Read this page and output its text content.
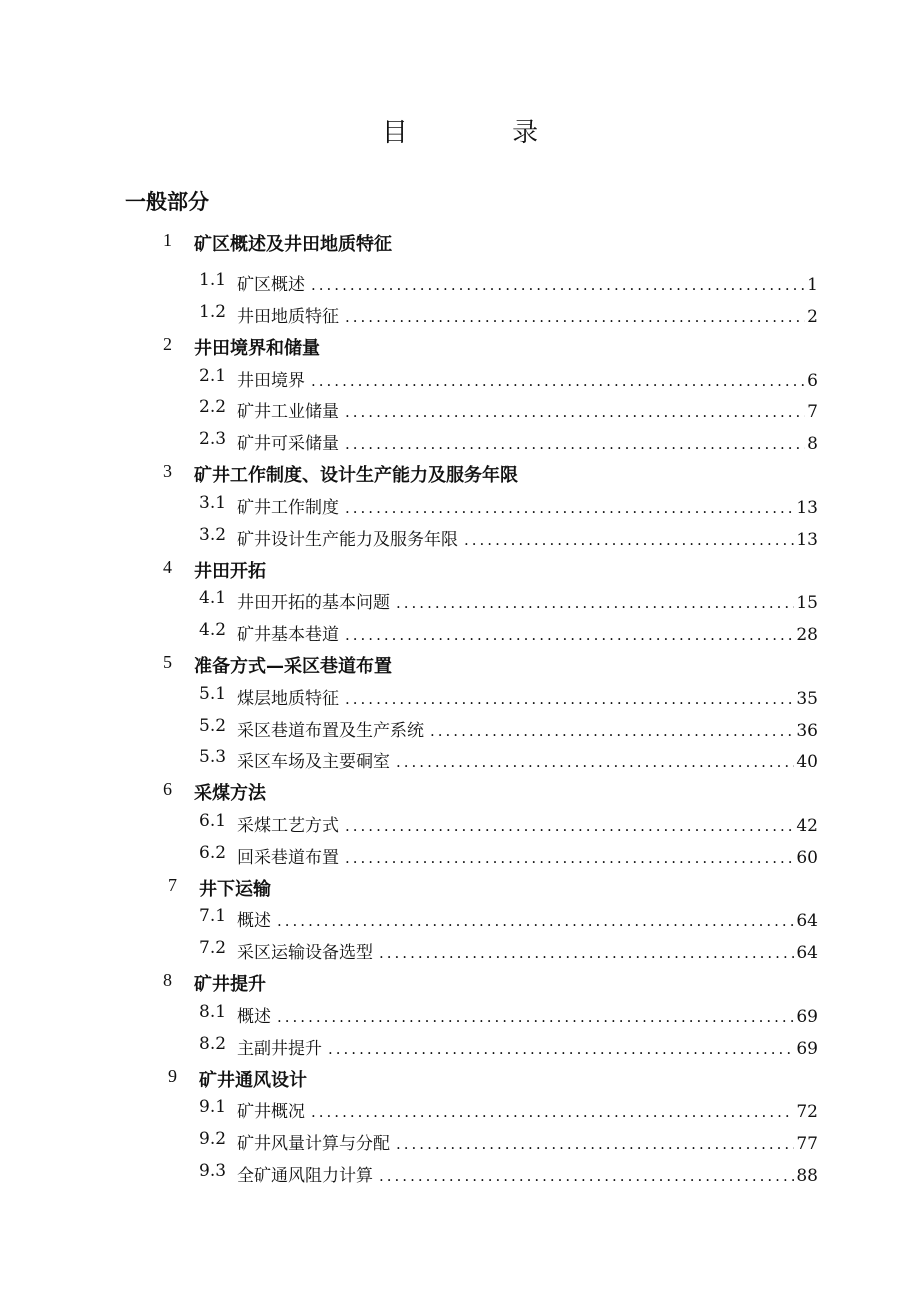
目 录
一般部分
1 矿区概述及井田地质特征
1.1 矿区概述 .....	1
1.2 井田地质特征 .....	2
2 井田境界和储量
2.1 井田境界 .....	6
2.2 矿井工业储量 .....	7
2.3 矿井可采储量 .....	8
3 矿井工作制度、设计生产能力及服务年限
3.1 矿井工作制度 .....	13
3.2 矿井设计生产能力及服务年限 .....	13
4 井田开拓
4.1 井田开拓的基本问题 .....	15
4.2 矿井基本巷道 .....	28
5 准备方式—采区巷道布置
5.1 煤层地质特征 .....	35
5.2 采区巷道布置及生产系统 .....	36
5.3 采区车场及主要硐室 .....	40
6 采煤方法
6.1 采煤工艺方式 .....	42
6.2 回采巷道布置 .....	60
7 井下运输
7.1 概述 .....	64
7.2 采区运输设备选型 .....	64
8 矿井提升
8.1 概述 .....	69
8.2 主副井提升 .....	69
9 矿井通风设计
9.1 矿井概况 .....	72
9.2 矿井风量计算与分配 .....	77
9.3 全矿通风阻力计算 .....	88
